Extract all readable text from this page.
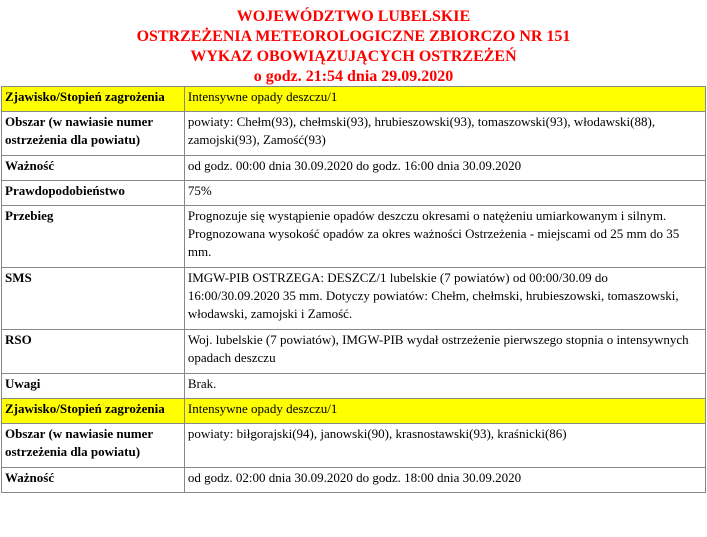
WOJEWÓDZTWO LUBELSKIE
OSTRZEŻENIA METEOROLOGICZNE ZBIORCZO NR 151
WYKAZ OBOWIĄZUJĄCYCH OSTRZEŻEŃ
o godz. 21:54 dnia 29.09.2020
Zjawisko/Stopień zagrożenia	Intensywne opady deszczu/1
Obszar (w nawiasie numer ostrzeżenia dla powiatu)	powiaty: Chełm(93), chełmski(93), hrubieszowski(93), tomaszowski(93), włodawski(88), zamojski(93), Zamość(93)
Ważność	od godz. 00:00 dnia 30.09.2020 do godz. 16:00 dnia 30.09.2020
Prawdopodobieństwo	75%
Przebieg	Prognozuje się wystąpienie opadów deszczu okresami o natężeniu umiarkowanym i silnym. Prognozowana wysokość opadów za okres ważności Ostrzeżenia - miejscami od 25 mm do 35 mm.
SMS	IMGW-PIB OSTRZEGA: DESZCZ/1 lubelskie (7 powiatów) od 00:00/30.09 do 16:00/30.09.2020 35 mm. Dotyczy powiatów: Chełm, chełmski, hrubieszowski, tomaszowski, włodawski, zamojski i Zamość.
RSO	Woj. lubelskie (7 powiatów), IMGW-PIB wydał ostrzeżenie pierwszego stopnia o intensywnych opadach deszczu
Uwagi	Brak.
Zjawisko/Stopień zagrożenia	Intensywne opady deszczu/1
Obszar (w nawiasie numer ostrzeżenia dla powiatu)	powiaty: biłgorajski(94), janowski(90), krasnostawski(93), kraśnicki(86)
Ważność	od godz. 02:00 dnia 30.09.2020 do godz. 18:00 dnia 30.09.2020
